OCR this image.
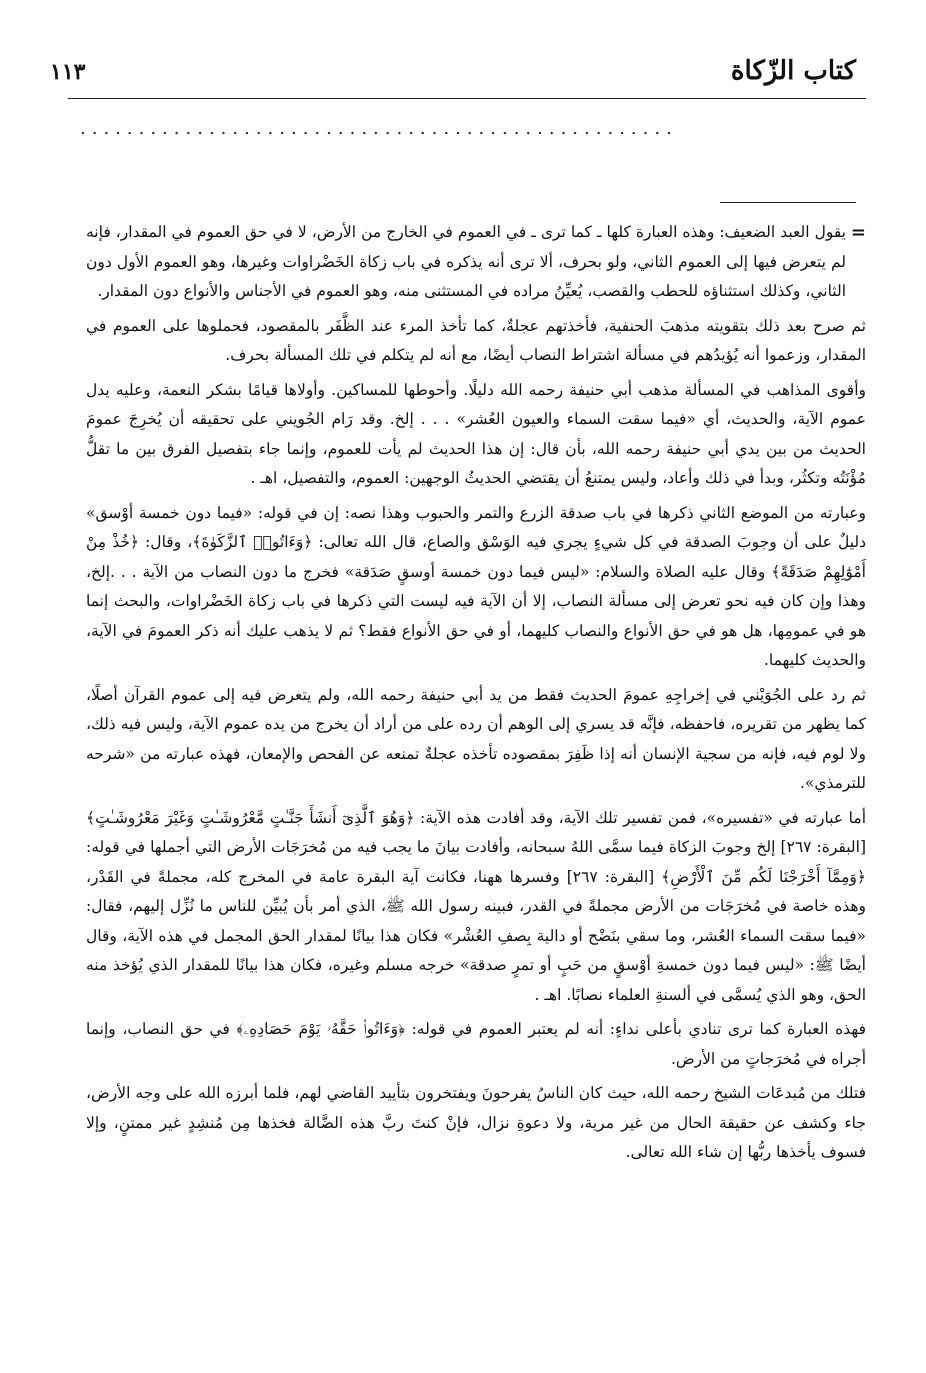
كتاب الزّكاة
١١٣
...................................................
=

يقول العبد الضعيف: وهذه العبارة كلها ـ كما ترى ـ في العموم في الخارج من الأرض، لا في حق العموم في المقدار، فإنه لم يتعرض فيها إلى العموم الثاني، ولو بحرف، ألا ترى أنه يذكره في باب زكاة الخَضْراوات وغيرها، وهو العموم الأول دون الثاني، وكذلك استثناؤه للحطب والقصب، يُعيِّنُ مراده في المستثنى منه، وهو العموم في الأجناس والأنواع دون المقدار.

ثم صرح بعد ذلك بتقويته مذهبَ الحنفية، فأخذتهم عجلةٌ، كما تأخذ المرء عند الظَّفَر بالمقصود، فحملوها على العموم في المقدار، وزعموا أنه يُؤيدُهم في مسألة اشتراط النصاب أيضًا، مع أنه لم يتكلم في تلك المسألة بحرف.

وأقوى المذاهب في المسألة مذهب أبي حنيفة رحمه الله دليلًا. وأحوطها للمساكين. وأولاها قيامًا بشكر النعمة، وعليه يدل عموم الآية، والحديث، أي «فيما سقت السماء والعيون العُشر» . . . إلخ. وقد رَام الجُويني على تحقيقه أن يُخرِجَ عمومَ الحديث من بين يدي أبي حنيفة رحمه الله، بأن قال: إن هذا الحديث لم يأت للعموم، وإنما جاء بتفصيل الفرق بين ما تقلُّ مُؤْنَتُه وتكثُر، وبدأ في ذلك وأعاد، وليس يمتنعُ أن يقتضي الحديثُ الوجهين: العموم، والتفصيل، اهـ .

وعبارته من الموضع الثاني ذكرها في باب صدقة الزرع والتمر والحبوب وهذا نصه: إن في قوله: «فيما دون خمسة أوْسق» دليلٌ على أن وجوبَ الصدقة في كل شيءٍ يجري فيه الوَسْق والصاع، قال الله تعالى: ﴿وَءَاتُوا۟ ٱلزَّكَوٰةَ﴾، وقال: ﴿خُذْ مِنْ أَمْوَٰلِهِمْ صَدَقَةً﴾ وقال عليه الصلاة والسلام: «ليس فيما دون خمسة أوسقٍ صَدَقة» فخرج ما دون النصاب من الآية . . .إلخ، وهذا وإن كان فيه نحو تعرض إلى مسألة النصاب، إلا أن الآية فيه ليست التي ذكرها في باب زكاة الخَضْراوات، والبحث إنما هو في عمومِها، هل هو في حق الأنواع والنصاب كليهما، أو في حق الأنواع فقط؟ ثم لا يذهب عليك أنه ذكر العمومَ في الآية، والحديث كليهما.

ثم رد على الجُوَيْني في إخراجِهِ عمومَ الحديث فقط من يد أبي حنيفة رحمه الله، ولم يتعرض فيه إلى عموم القرآن أصلًا، كما يظهر من تقريره، فاحفظه، فإنَّه قد يسري إلى الوهم أن رده على من أراد أن يخرج من يده عموم الآية، وليس فيه ذلك، ولا لوم فيه، فإنه من سجية الإنسان أنه إذا ظَفِرَ بمقصوده تأخذه عجلةٌ تمنعه عن الفحص والإمعان، فهذه عبارته من «شرحه للترمذي».

أما عبارته في «تفسيره»، فمن تفسير تلك الآية، وقد أفادت هذه الآية: ﴿وَهُوَ ٱلَّذِىٓ أَنشَأَ جَنَّـٰتٍ مَّعْرُوشَـٰتٍ وَغَيْرَ مَعْرُوشَـٰتٍ﴾ [البقرة: ٢٦٧] إلخ وجوبَ الزكاة فيما سمَّى اللهُ سبحانه، وأفادت بيانَ ما يجب فيه من مُخرَجَات الأرض التي أجملها في قوله: ﴿وَمِمَّآ أَخْرَجْنَا لَكُم مِّنَ ٱلْأَرْضِ﴾ [البقرة: ٢٦٧] وفسرها ههنا، فكانت آية البقرة عامة في المخرج كله، مجملةً في القَدْر، وهذه خاصة في مُخرَجَات من الأرض مجملةً في القدر، فبينه رسول الله ﷺ، الذي أمر بأن يُبيِّن للناس ما نُزِّل إليهم، فقال: «فيما سقت السماء العُشر، وما سقي بنَضْح أو دالية بِصفِ العُشْر» فكان هذا بيانًا لمقدار الحق المجمل في هذه الآية، وقال أيضًا ﷺ: «ليس فيما دون خمسةِ أوْسقٍ من حَبٍ أو تمرٍ صدقة» خرجه مسلم وغيره، فكان هذا بيانًا للمقدار الذي يُؤخذ منه الحق، وهو الذي يُسمَّى في ألسنةِ العلماء نصابًا. اهـ .

فهذه العبارة كما ترى تنادي بأعلى نداءٍ: أنه لم يعتبر العموم في قوله: ﴿وَءَاتُوا۟ حَقَّهُۥ يَوْمَ حَصَادِهِۦ﴾ في حق النصاب، وإنما أجراه في مُخرَجاتٍ من الأرض.

فتلك من مُبدعَات الشيخ رحمه الله، حيث كان الناسُ يفرحونَ ويفتخرون بتأييد القاضي لهم، فلما أبرزه الله على وجه الأرض، جاء وكشف عن حقيقة الحال من غير مرية، ولا دعوةِ نزال، فإنْ كنتَ ربَّ هذه الضَّالة فخذها مِن مُنشِدٍ غير ممتنٍ، وإلا فسوف يأخذها ربُّها إن شاء الله تعالى.
